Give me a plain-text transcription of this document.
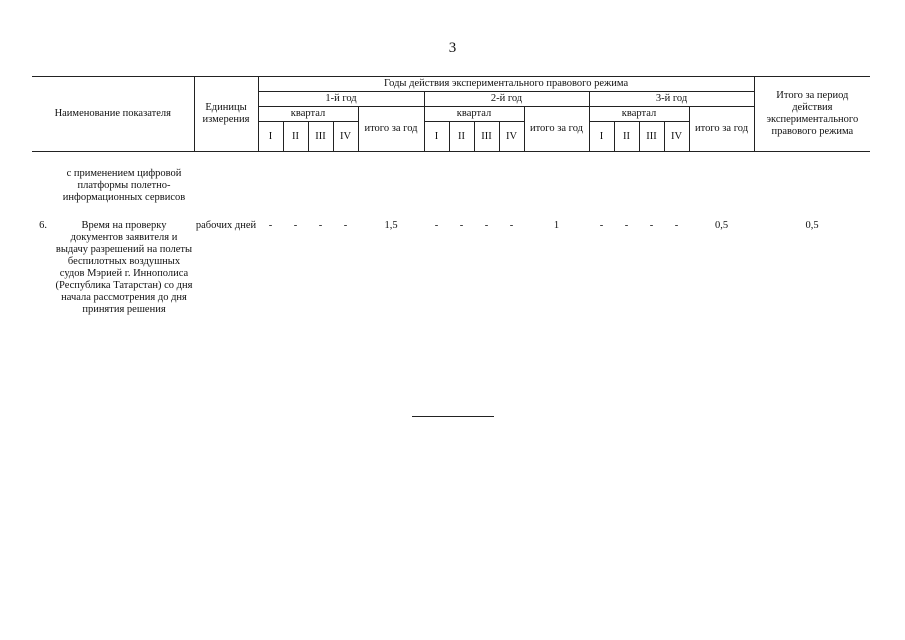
3
Наименование показателя		Единицы измерения	Годы действия экспериментального правового режима															Итого за период действия экспериментального правового режима
			1-й год					2-й год					3-й год					
			квартал				итого за год	квартал				итого за год	квартал				итого за год	
			I	II	III	IV		I	II	III	IV		I	II	III	IV		
	с применением цифровой платформы полетно-информационных сервисов																	
6.	Время на проверку документов заявителя и выдачу разрешений на полеты беспилотных воздушных судов Мэрией г. Иннополиса (Республика Татарстан) со дня начала рассмотрения до дня принятия решения	рабочих дней	-	-	-	-	1,5	-	-	-	-	1	-	-	-	-	0,5	0,5
